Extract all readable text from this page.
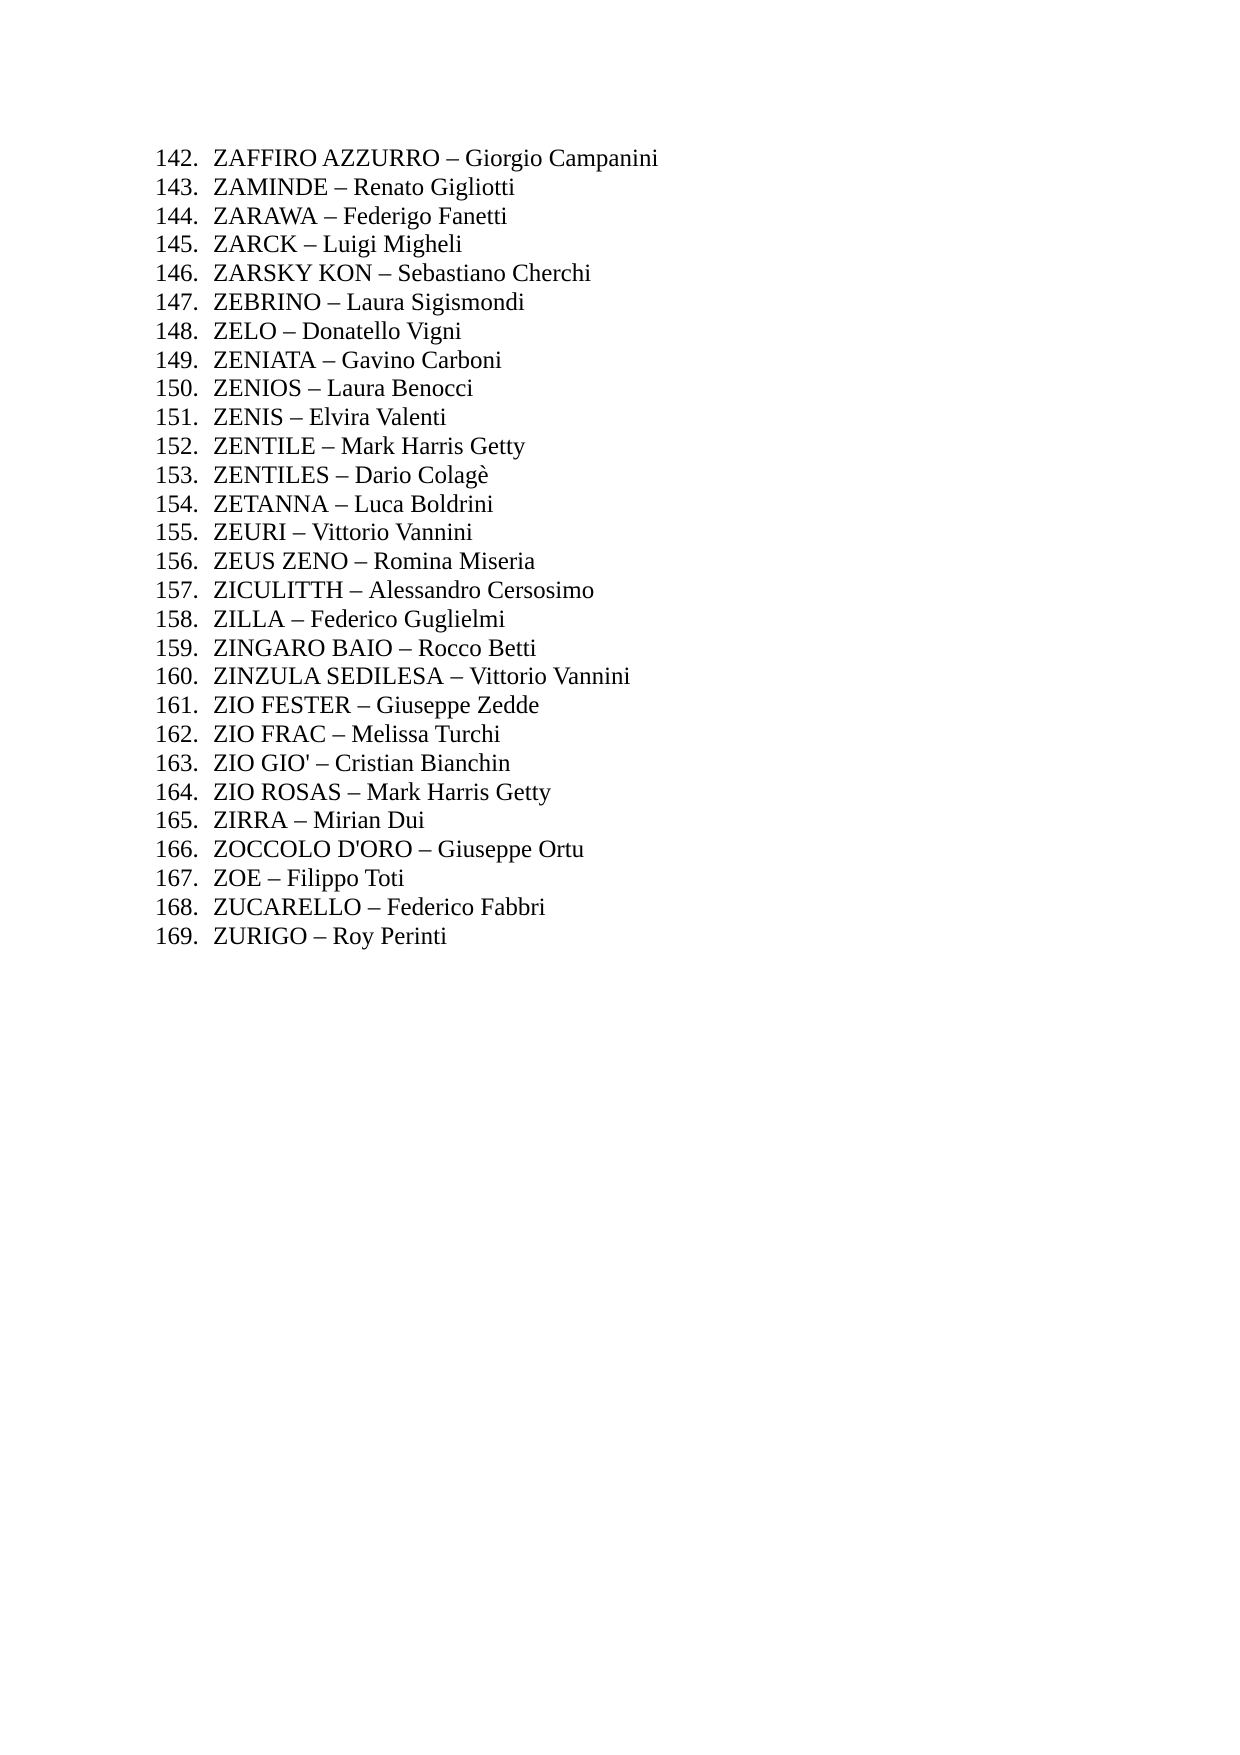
142. ZAFFIRO AZZURRO – Giorgio Campanini
143. ZAMINDE – Renato Gigliotti
144. ZARAWA – Federigo Fanetti
145. ZARCK – Luigi Migheli
146. ZARSKY KON – Sebastiano Cherchi
147. ZEBRINO – Laura Sigismondi
148. ZELO – Donatello Vigni
149. ZENIATA – Gavino Carboni
150. ZENIOS – Laura Benocci
151. ZENIS – Elvira Valenti
152. ZENTILE – Mark Harris Getty
153. ZENTILES – Dario Colagè
154. ZETANNA – Luca Boldrini
155. ZEURI – Vittorio Vannini
156. ZEUS ZENO – Romina Miseria
157. ZICULITTH – Alessandro Cersosimo
158. ZILLA – Federico Guglielmi
159. ZINGARO BAIO – Rocco Betti
160. ZINZULA SEDILESA – Vittorio Vannini
161. ZIO FESTER – Giuseppe Zedde
162. ZIO FRAC – Melissa Turchi
163. ZIO GIO' – Cristian Bianchin
164. ZIO ROSAS – Mark Harris Getty
165. ZIRRA – Mirian Dui
166. ZOCCOLO D'ORO – Giuseppe Ortu
167. ZOE – Filippo Toti
168. ZUCARELLO – Federico Fabbri
169. ZURIGO – Roy Perinti
